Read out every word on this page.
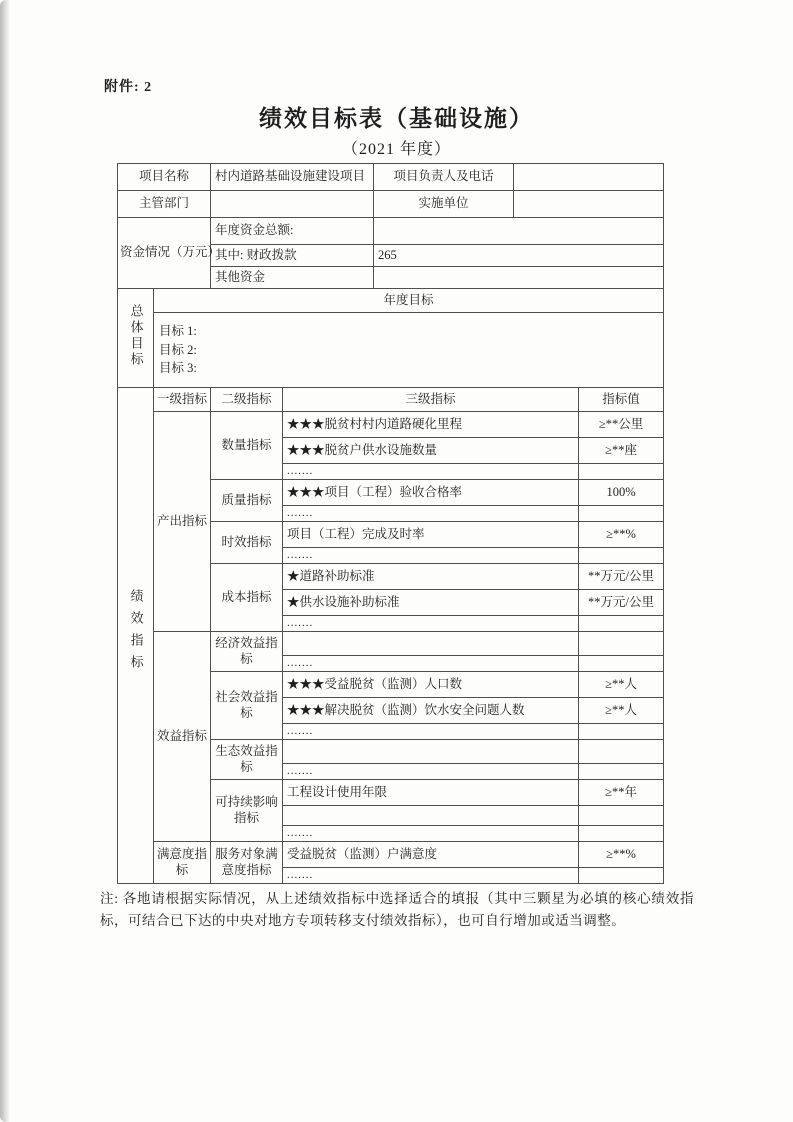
附件: 2
绩效目标表（基础设施）
（2021 年度）
项目名称		村内道路基础设施建设项目		项目负责人及电话		
主管部门				实施单位		
资金情况（万元）		年度资金总额:				
		其中: 财政拨款		265		
		其他资金				
总体目标	年度目标					

	目标 1:
目标 2:
目标 3:					

绩效指标	一级指标	二级指标	三级指标			指标值
	产出指标	数量指标	★★★脱贫村村内道路硬化里程			≥**公里
			★★★脱贫户供水设施数量			≥**座
			.......			
		质量指标	★★★项目（工程）验收合格率			100%
			.......			
		时效指标	项目（工程）完成及时率			≥**%
			.......			
		成本指标	★道路补助标准			**万元/公里
			★供水设施补助标准			**万元/公里
			.......			
	效益指标	经济效益指标				
			.......			
		社会效益指标	★★★受益脱贫（监测）人口数			≥**人
			★★★解决脱贫（监测）饮水安全问题人数			≥**人
			.......			
		生态效益指标				
			.......			
		可持续影响指标	工程设计使用年限			≥**年

			.......			
	满意度指标	服务对象满意度指标	受益脱贫（监测）户满意度			≥**%
			.......			
注: 各地请根据实际情况，从上述绩效指标中选择适合的填报（其中三颗星为必填的核心绩效指标，可结合已下达的中央对地方专项转移支付绩效指标），也可自行增加或适当调整。
